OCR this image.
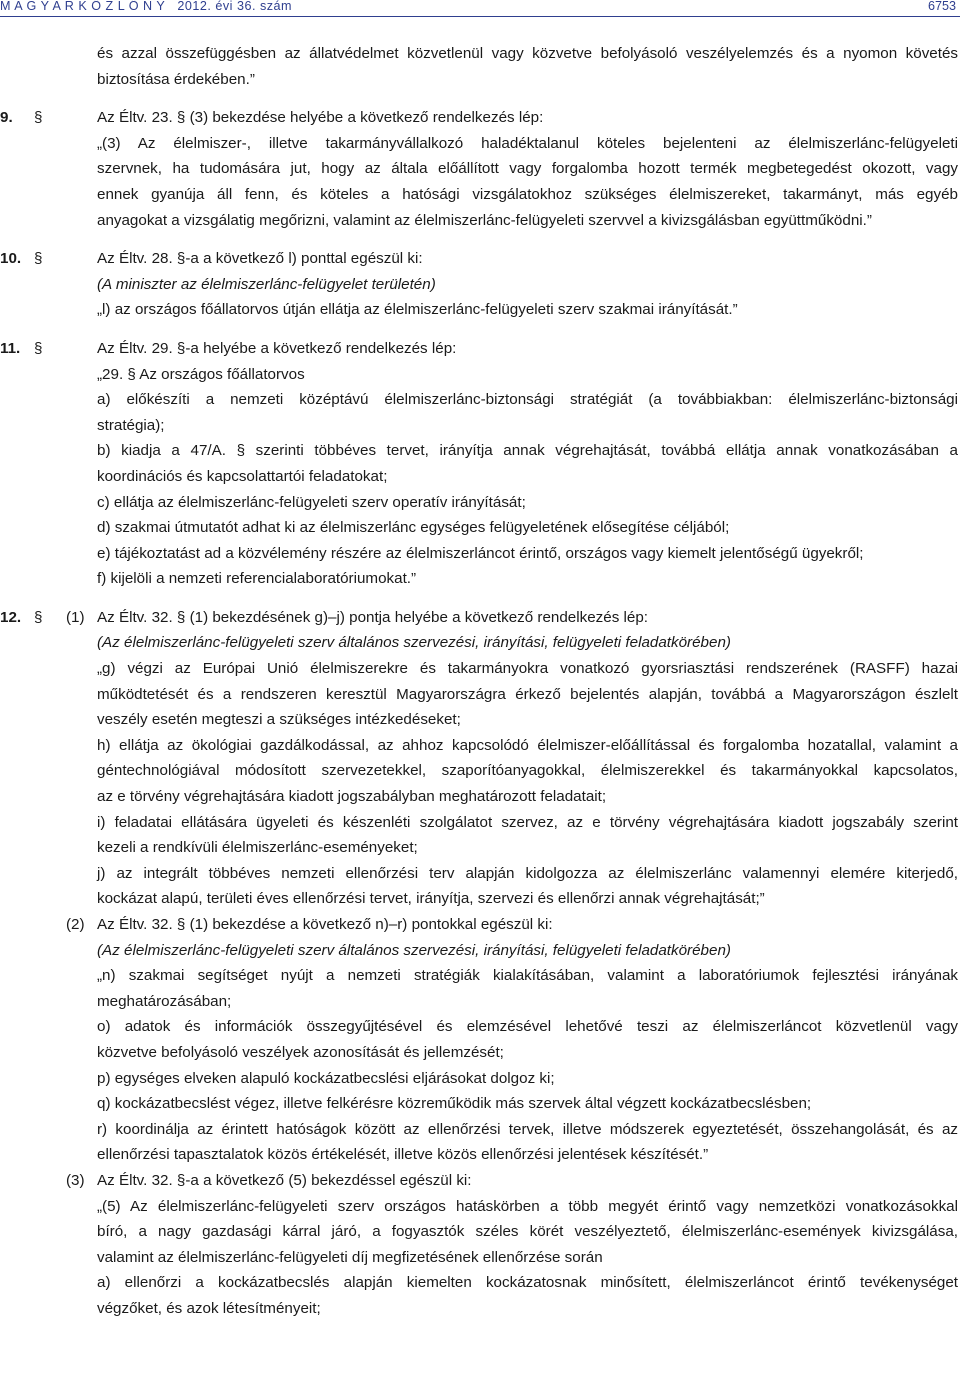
M A G Y A R K Ö Z L Ö N Y 2012. évi 36. szám	6753
és azzal összefüggésben az állatvédelmet közvetlenül vagy közvetve befolyásoló veszélyelemzés és a nyomon követés
biztosítása érdekében.”
9. §	Az Éltv. 23. § (3) bekezdése helyébe a következő rendelkezés lép:
„(3) Az élelmiszer-, illetve takarmányvállalkozó haladéktalanul köteles bejelenteni az élelmiszerlánc-felügyeleti
szervnek, ha tudomására jut, hogy az általa előállított vagy forgalomba hozott termék megbetegedést okozott, vagy
ennek gyanúja áll fenn, és köteles a hatósági vizsgálatokhoz szükséges élelmiszereket, takarmányt, más egyéb
anyagokat a vizsgálatig megőrizni, valamint az élelmiszerlánc-felügyeleti szervvel a kivizsgálásban együttműködni.”
10. §	Az Éltv. 28. §-a a következő l) ponttal egészül ki:
(A miniszter az élelmiszerlánc-felügyelet területén)
„l) az országos főállatorvos útján ellátja az élelmiszerlánc-felügyeleti szerv szakmai irányítását.”
11. §	Az Éltv. 29. §-a helyébe a következő rendelkezés lép:
„29. § Az országos főállatorvos
a) előkészíti a nemzeti középtávú élelmiszerlánc-biztonsági stratégiát (a továbbiakban: élelmiszerlánc-biztonsági
stratégia);
b) kiadja a 47/A. § szerinti többéves tervet, irányítja annak végrehajtását, továbbá ellátja annak vonatkozásában a
koordinációs és kapcsolattartói feladatokat;
c) ellátja az élelmiszerlánc-felügyeleti szerv operatív irányítását;
d) szakmai útmutatót adhat ki az élelmiszerlánc egységes felügyeletének elősegítése céljából;
e) tájékoztatást ad a közvélemény részére az élelmiszerláncot érintő, országos vagy kiemelt jelentőségű ügyekről;
f) kijelöli a nemzeti referencialaboratóriumokat.”
12. § (1) Az Éltv. 32. § (1) bekezdésének g)–j) pontja helyébe a következő rendelkezés lép:
(Az élelmiszerlánc-felügyeleti szerv általános szervezési, irányítási, felügyeleti feladatkörében)
„g) végzi az Európai Unió élelmiszerekre és takarmányokra vonatkozó gyorsriasztási rendszerének (RASFF) hazai
működtetését és a rendszeren keresztül Magyarországra érkező bejelentés alapján, továbbá a Magyarországon észlelt
veszély esetén megteszi a szükséges intézkedéseket;
h) ellátja az ökológiai gazdálkodással, az ahhoz kapcsolódó élelmiszer-előállítással és forgalomba hozatallal, valamint a
géntechnológiával módosított szervezetekkel, szaporítóanyagokkal, élelmiszerekkel és takarmányokkal kapcsolatos,
az e törvény végrehajtására kiadott jogszabályban meghatározott feladatait;
i) feladatai ellátására ügyeleti és készenléti szolgálatot szervez, az e törvény végrehajtására kiadott jogszabály szerint
kezeli a rendkívüli élelmiszerlánc-eseményeket;
j) az integrált többéves nemzeti ellenőrzési terv alapján kidolgozza az élelmiszerlánc valamennyi elemére kiterjedő,
kockázat alapú, területi éves ellenőrzési tervet, irányítja, szervezi és ellenőrzi annak végrehajtását;”
(2) Az Éltv. 32. § (1) bekezdése a következő n)–r) pontokkal egészül ki:
(Az élelmiszerlánc-felügyeleti szerv általános szervezési, irányítási, felügyeleti feladatkörében)
„n) szakmai segítséget nyújt a nemzeti stratégiák kialakításában, valamint a laboratóriumok fejlesztési irányának
meghatározásában;
o) adatok és információk összegyűjtésével és elemzésével lehetővé teszi az élelmiszerláncot közvetlenül vagy
közvetve befolyásoló veszélyek azonosítását és jellemzését;
p) egységes elveken alapuló kockázatbecslési eljárásokat dolgoz ki;
q) kockázatbecslést végez, illetve felkérésre közreműködik más szervek által végzett kockázatbecslésben;
r) koordinálja az érintett hatóságok között az ellenőrzési tervek, illetve módszerek egyeztetését, összehangolását, és az
ellenőrzési tapasztalatok közös értékelését, illetve közös ellenőrzési jelentések készítését.”
(3) Az Éltv. 32. §-a a következő (5) bekezdéssel egészül ki:
„(5) Az élelmiszerlánc-felügyeleti szerv országos hatáskörben a több megyét érintő vagy nemzetközi vonatkozásokkal
bíró, a nagy gazdasági kárral járó, a fogyasztók széles körét veszélyeztető, élelmiszerlánc-események kivizsgálása,
valamint az élelmiszerlánc-felügyeleti díj megfizetésének ellenőrzése során
a) ellenőrzi a kockázatbecslés alapján kiemelten kockázatosnak minősített, élelmiszerláncot érintő tevékenységet
végzőket, és azok létesítményeit;
